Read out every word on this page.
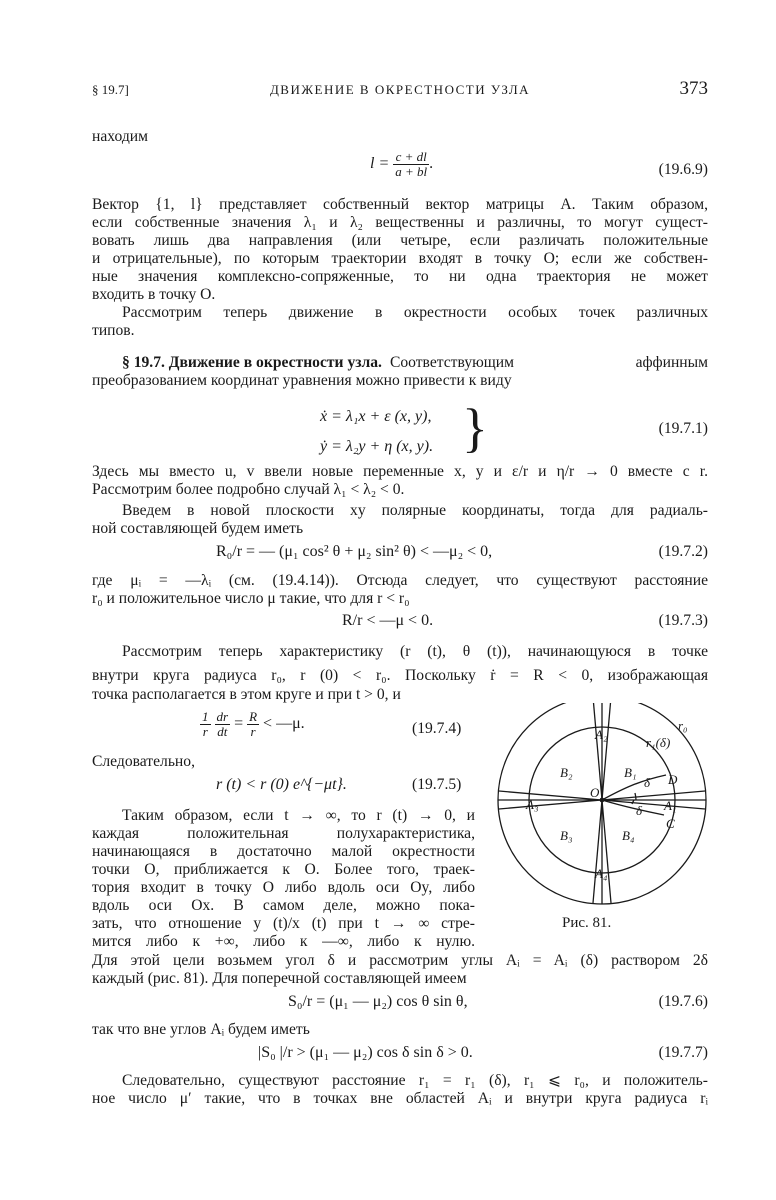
§ 19.7]	ДВИЖЕНИЕ В ОКРЕСТНОСТИ УЗЛА	373
находим
$l = \frac{c + dl}{a + bl}$ .	(19.6.9)
Вектор {1, l} представляет собственный вектор матрицы A. Таким образом,
если собственные значения λ₁ и λ₂ вещественны и различны, то могут сущест-
вовать лишь два направления (или четыре, если различать положительные
и отрицательные), по которым траектории входят в точку O; если же собствен-
ные значения комплексно-сопряженные, то ни одна траектория не может
входить в точку O.
Рассмотрим теперь движение в окрестности особых точек различных
типов.
§ 19.7. Движение в окрестности узла. Соответствующим аффинным
преобразованием координат уравнения можно привести к виду
ẋ = λ₁x + ε (x, y),
ẏ = λ₂y + η (x, y). }	(19.7.1)
Здесь мы вместо u, v ввели новые переменные x, y и ε/r и η/r → 0 вместе с r.
Рассмотрим более подробно случай λ₁ < λ₂ < 0.
Введем в новой плоскости xy полярные координаты, тогда для радиаль-
ной составляющей будем иметь
R₀/r = — (μ₁ cos² θ + μ₂ sin² θ) < —μ₂ < 0,	(19.7.2)
где μᵢ = —λᵢ (см. (19.4.14)). Отсюда следует, что существуют расстояние
r₀ и положительное число μ такие, что для r < r₀
R/r < —μ < 0.	(19.7.3)
Рассмотрим теперь характеристику (r (t), θ (t)), начинающуюся в точке
внутри круга радиуса r₀, r (0) < r₀. Поскольку ṙ = R < 0, изображающая
точка располагается в этом круге и при t > 0, и
$\frac{1}{r}$
$\frac{dr}{dt} = \frac{R}{r}$ < —μ.	(19.7.4)
Следовательно,
r (t) < r (0) e^{−μt}.	(19.7.5)
Таким образом, если t → ∞, то r (t) → 0, и
каждая положительная полухарактеристика,
начинающаяся в достаточно малой окрестности
точки O, приближается к O. Более того, траек-
тория входит в точку O либо вдоль оси Oy, либо
вдоль оси Ox. В самом деле, можно пока-
зать, что отношение y (t)/x (t) при t → ∞ стре-
мится либо к +∞, либо к —∞, либо к нулю.
r₀
r₁(δ)
A₂
A₁
A₃
A₄
B₂	B₁
B₃	B₄
O
D
C
δ
δ
Рис. 81.
Для этой цели возьмем угол δ и рассмотрим углы Aᵢ = Aᵢ (δ) раствором 2δ
каждый (рис. 81). Для поперечной составляющей имеем
S₀/r = (μ₁ — μ₂) cos θ sin θ,	(19.7.6)
так что вне углов Aᵢ будем иметь
|S₀ |/r > (μ₁ — μ₂) cos δ sin δ > 0.	(19.7.7)
Следовательно, существуют расстояние r₁ = r₁ (δ), r₁ ⩽ r₀, и положитель-
ное число μ′ такие, что в точках вне областей Aᵢ и внутри круга радиуса rᵢ
